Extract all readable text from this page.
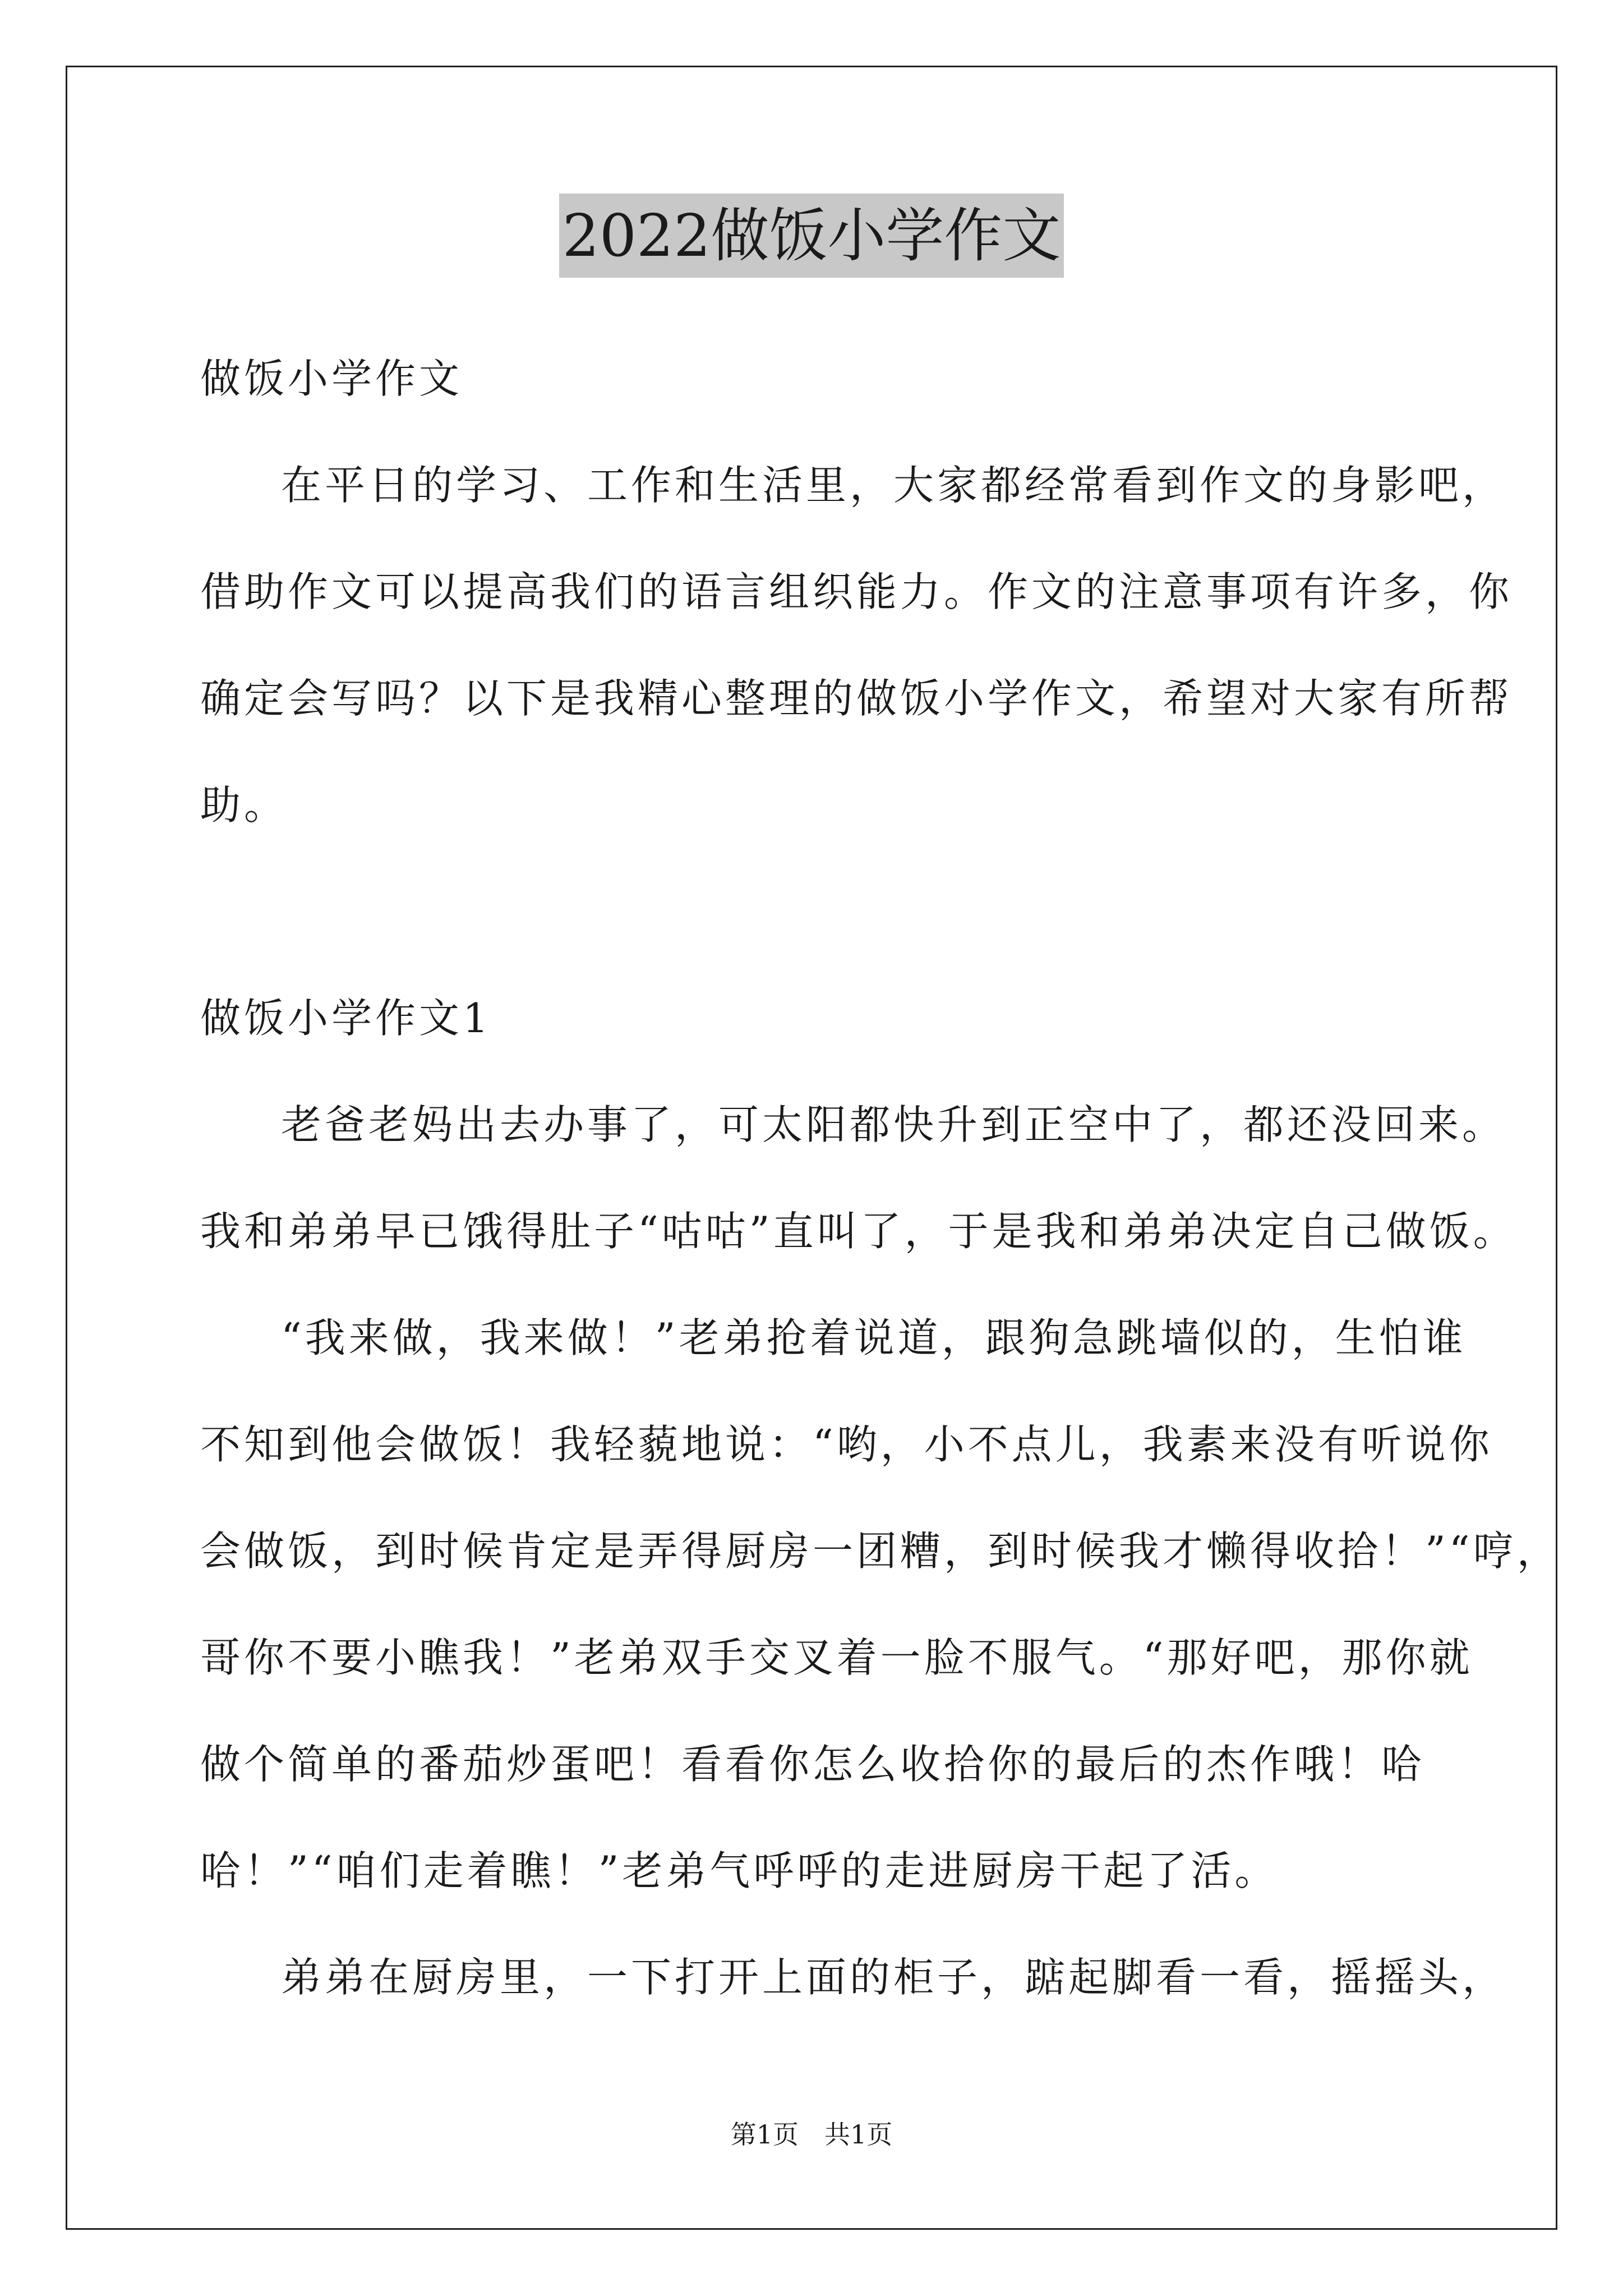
2022做饭小学作文
做饭小学作文
在平日的学习、工作和生活里，大家都经常看到作文的身影吧，
借助作文可以提高我们的语言组织能力。作文的注意事项有许多，你
确定会写吗？以下是我精心整理的做饭小学作文，希望对大家有所帮
助。
做饭小学作文1
老爸老妈出去办事了，可太阳都快升到正空中了，都还没回来。
我和弟弟早已饿得肚子“咕咕”直叫了，于是我和弟弟决定自己做饭。
“我来做，我来做！”老弟抢着说道，跟狗急跳墙似的，生怕谁
不知到他会做饭！我轻藐地说：“哟，小不点儿，我素来没有听说你
会做饭，到时候肯定是弄得厨房一团糟，到时候我才懒得收拾！”“哼，
哥你不要小瞧我！”老弟双手交叉着一脸不服气。“那好吧，那你就
做个简单的番茄炒蛋吧！看看你怎么收拾你的最后的杰作哦！哈
哈！”“咱们走着瞧！”老弟气呼呼的走进厨房干起了活。
弟弟在厨房里，一下打开上面的柜子，踮起脚看一看，摇摇头，
第1页　共1页
